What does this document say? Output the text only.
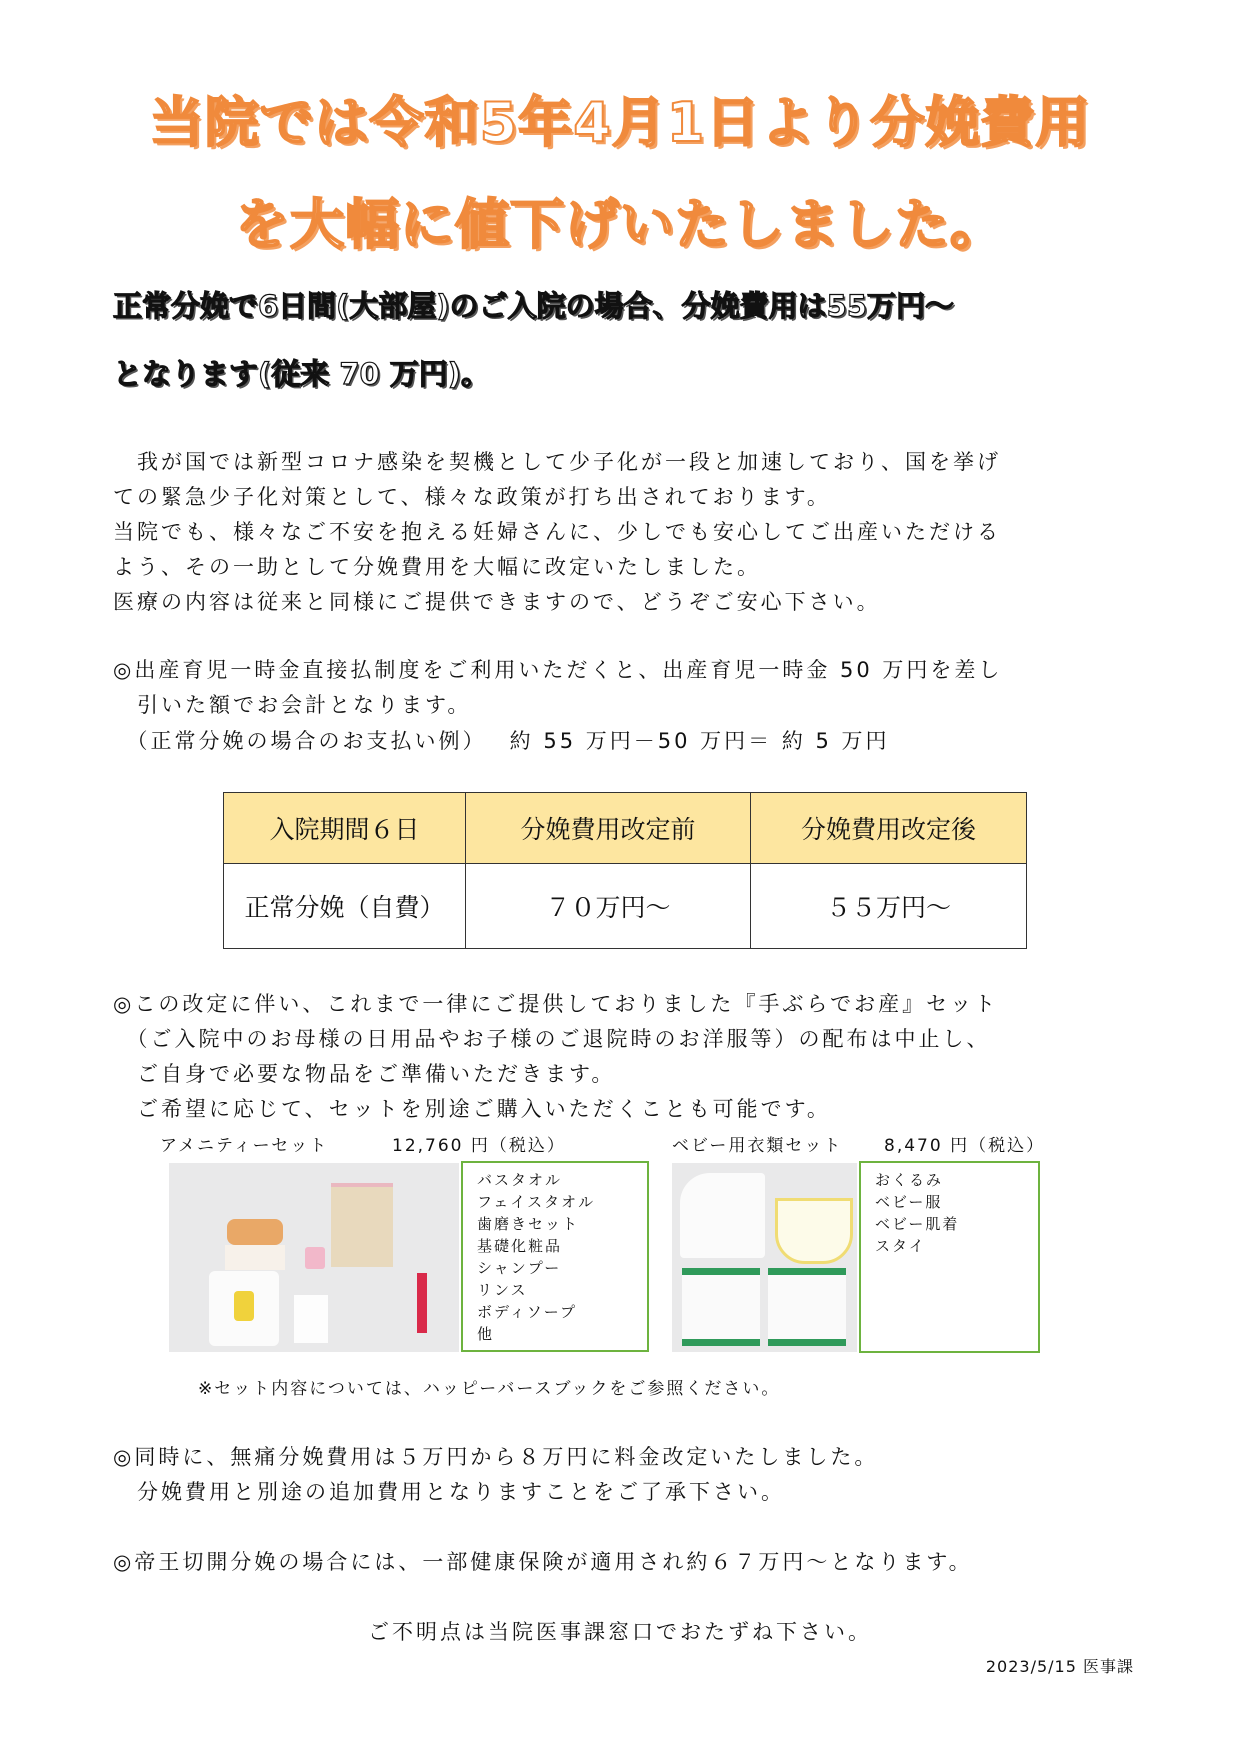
当院では令和5年4月1日より分娩費用
を大幅に値下げいたしました。
正常分娩で6日間(大部屋)のご入院の場合、分娩費用は55万円～
となります(従来 70 万円)。
　我が国では新型コロナ感染を契機として少子化が一段と加速しており、国を挙げ
ての緊急少子化対策として、様々な政策が打ち出されております。
当院でも、様々なご不安を抱える妊婦さんに、少しでも安心してご出産いただける
よう、その一助として分娩費用を大幅に改定いたしました。
医療の内容は従来と同様にご提供できますので、どうぞご安心下さい。
◎出産育児一時金直接払制度をご利用いただくと、出産育児一時金 50 万円を差し
　引いた額でお会計となります。
　（正常分娩の場合のお支払い例）　 約 55 万円－50 万円＝ 約 5 万円
入院期間６日	分娩費用改定前	分娩費用改定後
正常分娩（自費）	７０万円～	５５万円～
◎この改定に伴い、これまで一律にご提供しておりました『手ぶらでお産』セット
　（ご入院中のお母様の日用品やお子様のご退院時のお洋服等）の配布は中止し、
　ご自身で必要な物品をご準備いただきます。
　ご希望に応じて、セットを別途ご購入いただくことも可能です。
アメニティーセット	12,760 円（税込）	ベビー用衣類セット 8,470 円（税込）
バスタオル
フェイスタオル
歯磨きセット
基礎化粧品
シャンプー
リンス
ボディソープ
他
おくるみ
ベビー服
ベビー肌着
スタイ
※セット内容については、ハッピーバースブックをご参照ください。
◎同時に、無痛分娩費用は５万円から８万円に料金改定いたしました。
　分娩費用と別途の追加費用となりますことをご了承下さい。
◎帝王切開分娩の場合には、一部健康保険が適用され約６７万円～となります。
ご不明点は当院医事課窓口でおたずね下さい。
2023/5/15 医事課
